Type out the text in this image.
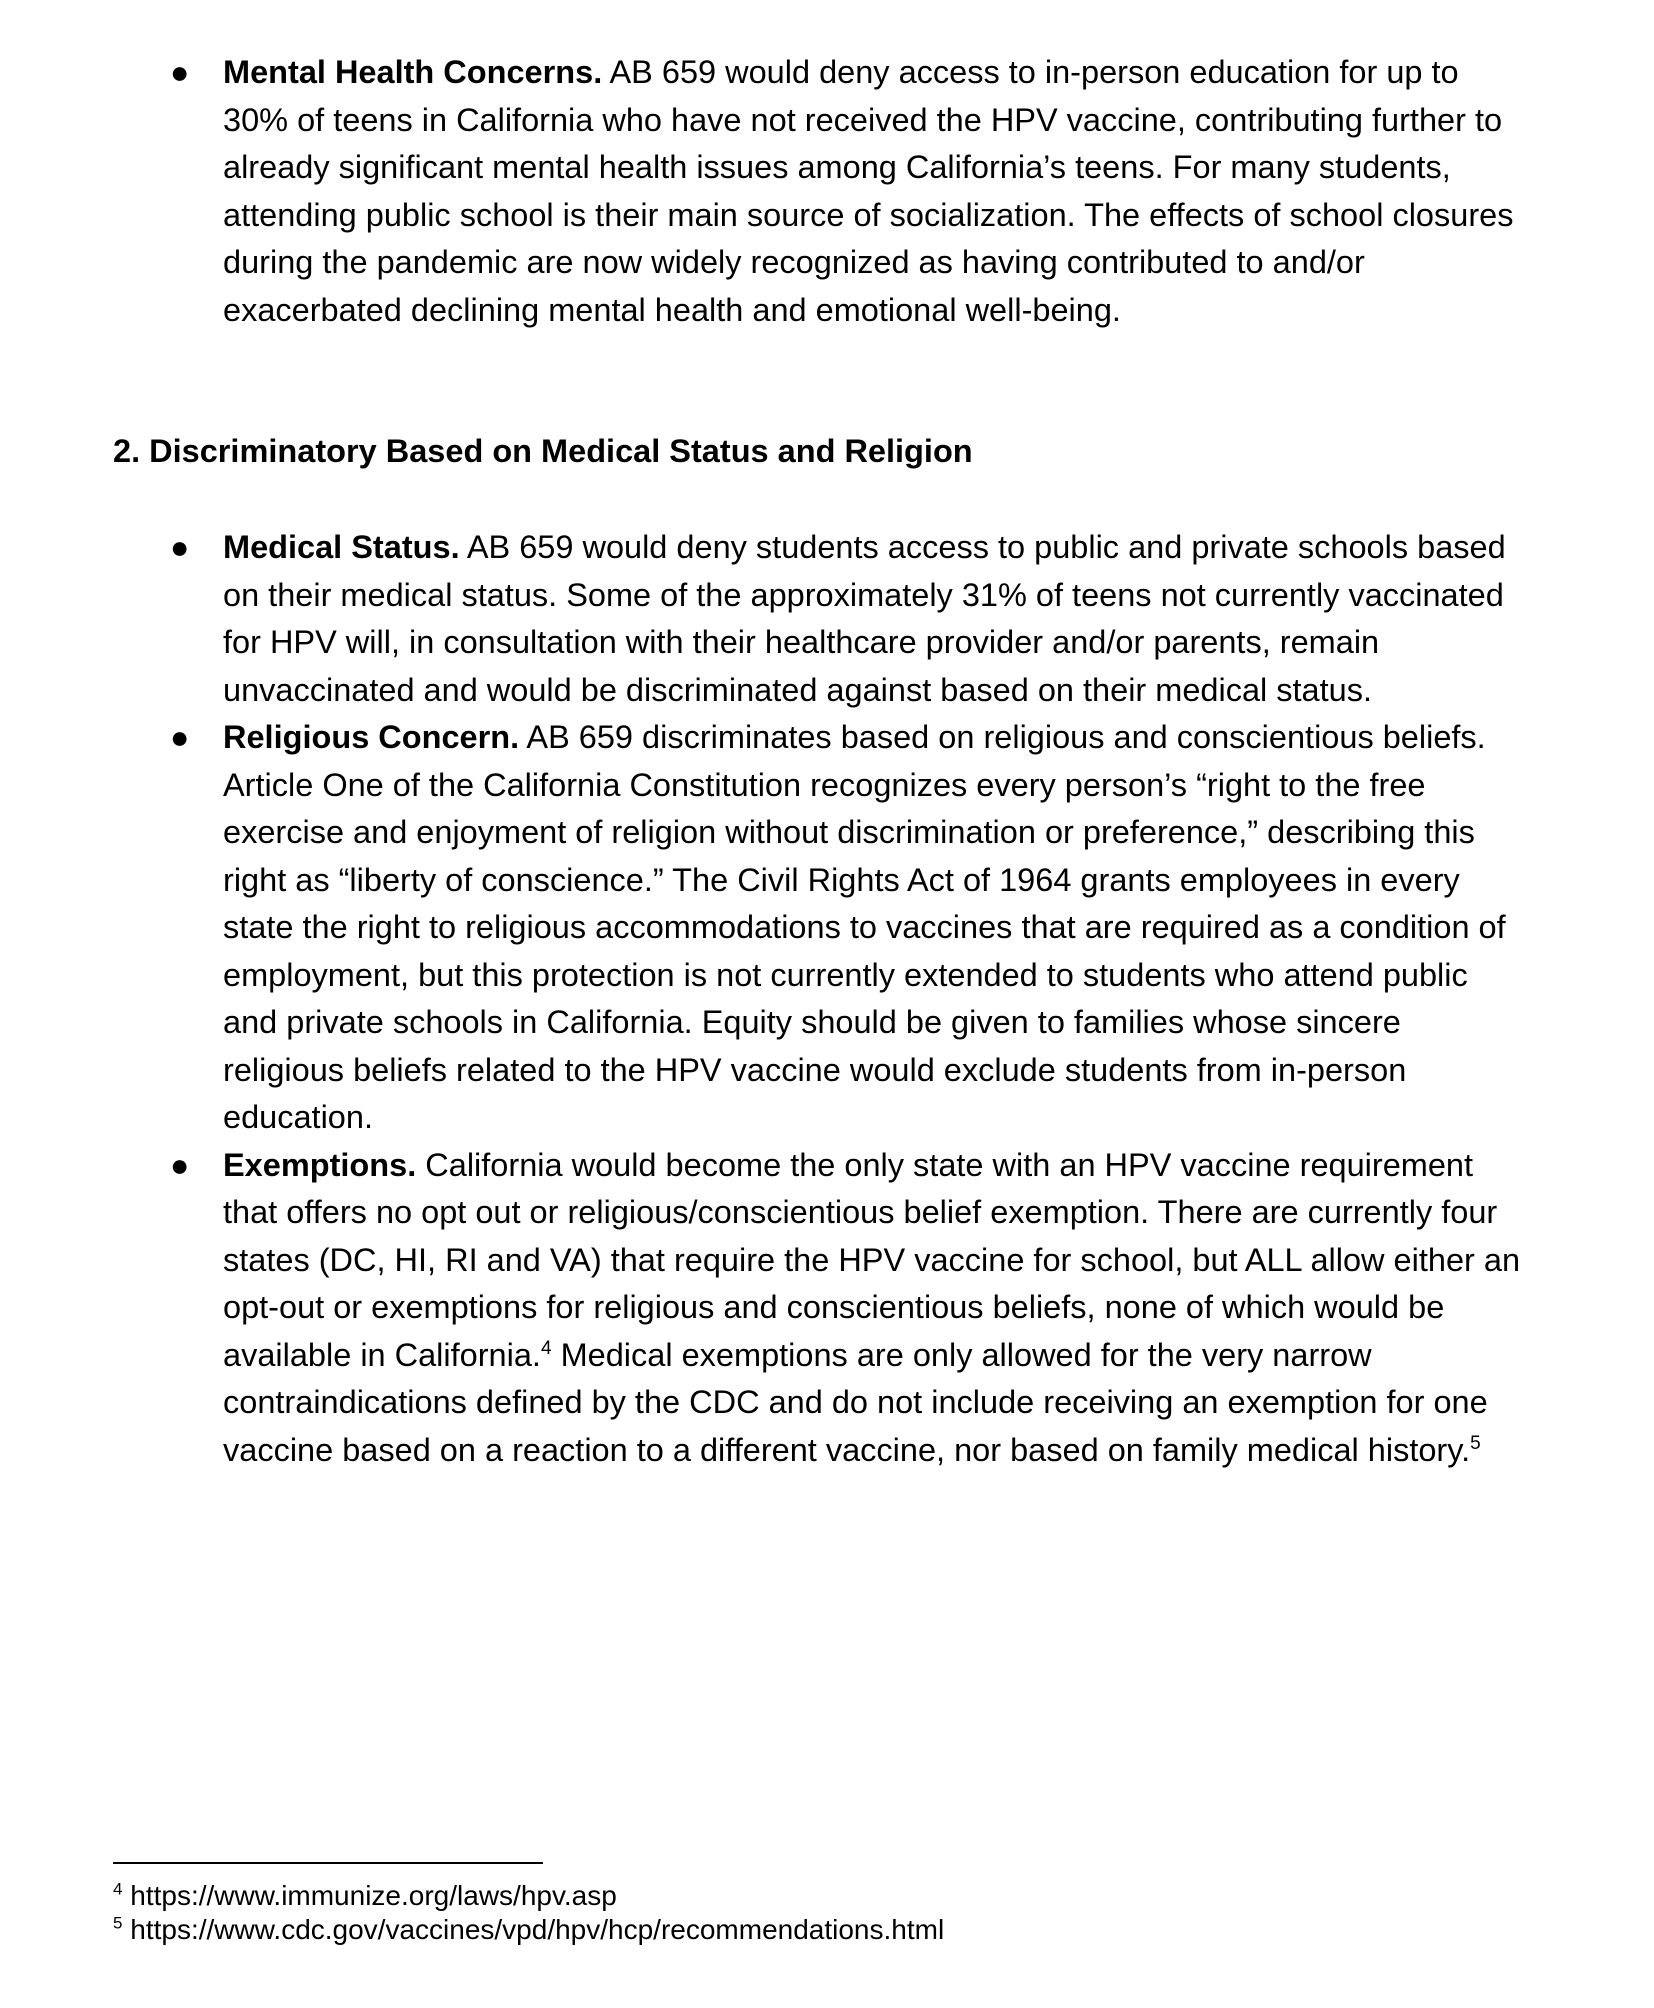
● Mental Health Concerns. AB 659 would deny access to in-person education for up to 30% of teens in California who have not received the HPV vaccine, contributing further to already significant mental health issues among California’s teens. For many students, attending public school is their main source of socialization. The effects of school closures during the pandemic are now widely recognized as having contributed to and/or exacerbated declining mental health and emotional well-being.
2. Discriminatory Based on Medical Status and Religion
● Medical Status. AB 659 would deny students access to public and private schools based on their medical status. Some of the approximately 31% of teens not currently vaccinated for HPV will, in consultation with their healthcare provider and/or parents, remain unvaccinated and would be discriminated against based on their medical status.
● Religious Concern. AB 659 discriminates based on religious and conscientious beliefs. Article One of the California Constitution recognizes every person’s “right to the free exercise and enjoyment of religion without discrimination or preference,” describing this right as “liberty of conscience.” The Civil Rights Act of 1964 grants employees in every state the right to religious accommodations to vaccines that are required as a condition of employment, but this protection is not currently extended to students who attend public and private schools in California. Equity should be given to families whose sincere religious beliefs related to the HPV vaccine would exclude students from in-person education.
● Exemptions. California would become the only state with an HPV vaccine requirement that offers no opt out or religious/conscientious belief exemption. There are currently four states (DC, HI, RI and VA) that require the HPV vaccine for school, but ALL allow either an opt-out or exemptions for religious and conscientious beliefs, none of which would be available in California.$^4$ Medical exemptions are only allowed for the very narrow contraindications defined by the CDC and do not include receiving an exemption for one vaccine based on a reaction to a different vaccine, nor based on family medical history.$^5$
$^4$ https://www.immunize.org/laws/hpv.asp
$^5$ https://www.cdc.gov/vaccines/vpd/hpv/hcp/recommendations.html
